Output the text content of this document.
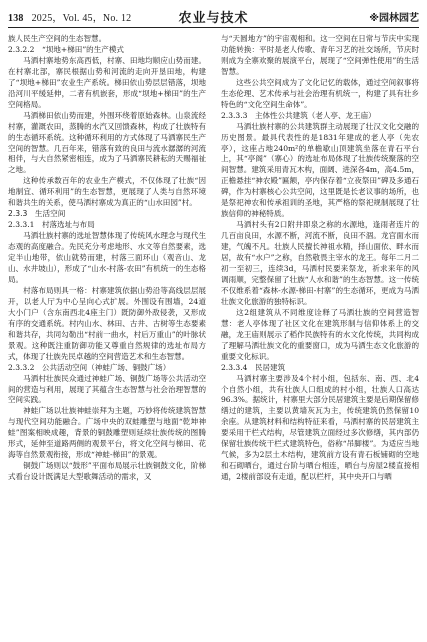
138 2025，Vol. 45，No. 12	农业与技术	※园林园艺
族人民生产空间的生态智慧。
2.3.2.2　“坝地+梯田”的生产模式
马洒村寨地势东高西低，村寨、田地均顺应山势而建。在村寨北部，寨民根据山势和河流的走向开垦田地，构建了“坝地+梯田”农业生产系统。梯田依山势层层错落，坝地沿河川平缓延伸，二者有机嵌套，形成“坝地+梯田”的生产空间格局。
马洒梯田依山势而建，外围环绕着原始森林。山泉流经村寨，灌溉农田，蒸腾的水汽又回馈森林，构成了壮族特有的生态循环系统。这种循环利用的方式体现了马洒寨民生产空间的智慧。几百年来，错落有致的良田与流水潺潺的河流相伴，与大自然紧密相连，成为了马洒寨民耕耘的天赐福祉之地。
这种传承数百年的农业生产模式，不仅体现了壮族“因地制宜、循环利用”的生态智慧，更展现了人类与自然环境和谐共生的关系，使马洒村寨成为真正的“山水田园”村。
2.3.3　生活空间
2.3.3.1　村落选址与布局
马洒壮族村寨的选址智慧体现了传统风水理念与现代生态观的高度融合。先民充分考虑地形、水文等自然要素，选定半山地带，依山就势而建，村落三面环山（观音山、龙山、水井坡山），形成了“山水-村落-农田”有机统一的生态格局。
村落布局则具一格：村寨建筑依据山势沿等高线层层展开，以老人厅为中心呈向心式扩展。外围设有围墙，24道大小门户（含东南西北4座主门）既防御外敌侵袭，又形成有序的交通系统。村内山水、林田、古井、古树等生态要素和谐共存，共同勾勒出“村前一曲水，村后万重山”的叶脉状景观。这种既注重防御功能又尊重自然规律的选址布局方式，体现了壮族先民卓越的空间营造艺术和生态智慧。
2.3.3.2　公共活动空间（神蛙广场、铜鼓广场）
马洒村壮族民众通过神蛙广场、铜鼓广场等公共活动空间的营造与利用，展现了其蕴含生态智慧与社会治理智慧的空间实践。
神蛙广场以壮族神蛙崇拜为主题，巧妙将传统建筑智慧与现代空间功能融合。广场中央的双蛙雕塑与地面“乾坤神蛙”图案相映成趣，背景的铜鼓雕塑则延续壮族传统的图腾形式，延伸至道路两侧的观景平台，将文化空间与梯田、花海等自然景观衔接，形成“神蛙-梯田”的景观。
铜鼓广场则以“鼓形”平面布局展示壮族铜鼓文化，阶梯式看台设计既满足大型歌舞活动的需求，又
与“天圆地方”的宇宙观相和。这一空间在日常与节庆中实现功能转换：平时是老人传歌、青年习艺的社交场所，节庆时则成为全寨欢聚的展演平台，展现了“空间弹性使用”的生活智慧。
这些公共空间成为了文化记忆的载体，通过空间叙事将生态伦理、艺术传承与社会治理有机统一，构建了具有壮乡特色的“文化空间生命体”。
2.3.3.3　主体性公共建筑（老人亭、龙王庙）
马洒壮族村寨的公共建筑群主动展现了壮汉文化交融的历史图景。最具代表性的是1831年建成的老人亭（先农亭），这座占地240m²的单檐歇山顶建筑坐落在青石平台上，其“亭阁”（寨心）的选址布局体现了壮族传统聚落的空间智慧。建筑采用青瓦木构，面阔、进深各4m，高4.5m，正檐悬挂“神农殿”匾额，亭内保存着“立夜祭田”碑及多通石碑，作为村寨核心公共空间，这里既是长老议事的场所，也是祭祀神农和传承祖训的圣地，其严格的祭祀规制展现了壮族信仰的神秘特质。
马洒村头有2口附井即泉之称的水源地，逢雨者连片的几百亩良田，水源不断，河流不断，良田不涸。龙宫面水而建，气魄不凡。壮族人民擅长神祖水精，择山面依、畔水而居，故有“水户”之称，自然敬畏主宰水的龙王。每年二月二初一至初三，连续3d，马洒村民要来祭龙，祈求来年的风调雨顺，完整保留了壮族“人水和谐”的生态智慧。这一传统不仅维系着“森林-水源-梯田-村寨”的生态循环，更成为马洒壮族文化旅游的独特标识。
这2组建筑从不同维度诠释了马洒壮族的空间营造智慧：老人亭体现了社区文化在建筑形制与信仰体系上的交融，龙王庙则展示了稻作民族特有的水文化传统，共同构成了理解马洒壮族文化的重要窗口，成为马洒生态文化旅游的重要文化标识。
2.3.3.4　民居建筑
马洒村寨主要涉及4个村小组，包括东、南、西、北4个自然小组，共有壮族人口组成的村小组，壮族人口高达96.3%。据统计，村寨里大部分民居建筑主要是后期保留修缮过的建筑，主要以黄墙灰瓦为主，传统建筑仍然保留10余座。从建筑材料和结构特征来看，马洒村寨的民居建筑主要采用干栏式结构，尽管建筑立面经过多次修缮，其内部仍保留壮族传统干栏式建筑特色，俗称“吊脚楼”。为适应当地气候，多为2层土木结构，建筑前方设有青石板铺砌的空地和石砌晒台，通过台阶与晒台相连，晒台与房屋2楼直接相通，2楼前部设有走道，配以栏杆，其中央开口与晒
